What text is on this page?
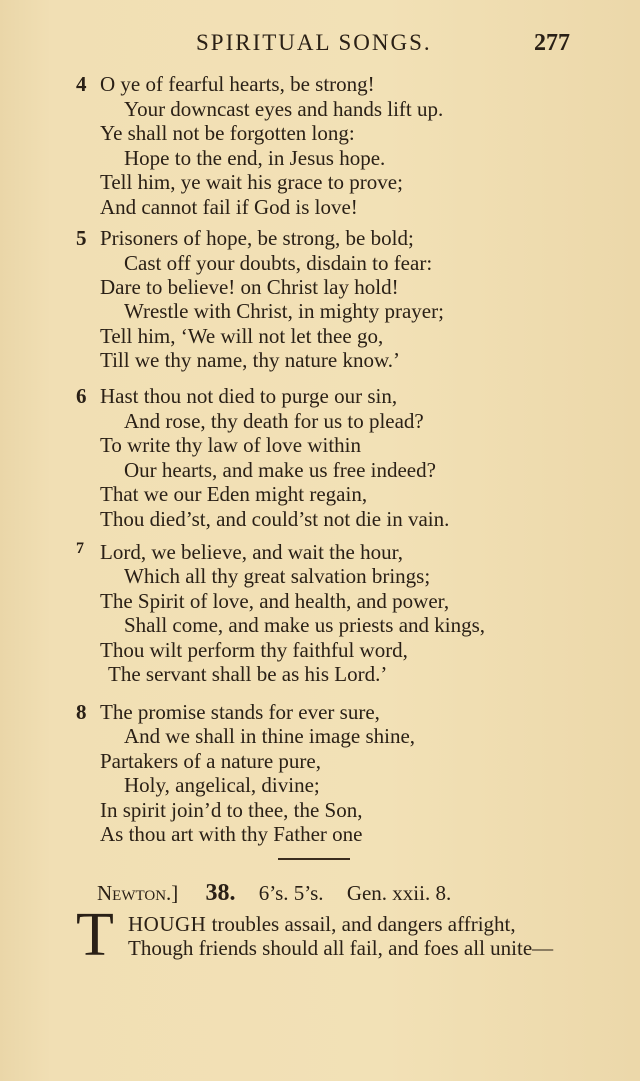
SPIRITUAL SONGS.	277
4 O ye of fearful hearts, be strong!
Your downcast eyes and hands lift up.
Ye shall not be forgotten long:
Hope to the end, in Jesus hope.
Tell him, ye wait his grace to prove;
And cannot fail if God is love!
5 Prisoners of hope, be strong, be bold;
Cast off your doubts, disdain to fear:
Dare to believe! on Christ lay hold!
Wrestle with Christ, in mighty prayer;
Tell him, ‘We will not let thee go,
Till we thy name, thy nature know.’
6 Hast thou not died to purge our sin,
And rose, thy death for us to plead?
To write thy law of love within
Our hearts, and make us free indeed?
That we our Eden might regain,
Thou died’st, and could’st not die in vain.
7 Lord, we believe, and wait the hour,
Which all thy great salvation brings;
The Spirit of love, and health, and power,
Shall come, and make us priests and kings,
Thou wilt perform thy faithful word,
The servant shall be as his Lord.’
8 The promise stands for ever sure,
And we shall in thine image shine,
Partakers of a nature pure,
Holy, angelical, divine;
In spirit join’d to thee, the Son,
As thou art with thy Father one
Newton.] 38. 6’s. 5’s. Gen. xxii. 8.
T HOUGH troubles assail, and dangers affright,
Though friends should all fail, and foes all unite—
